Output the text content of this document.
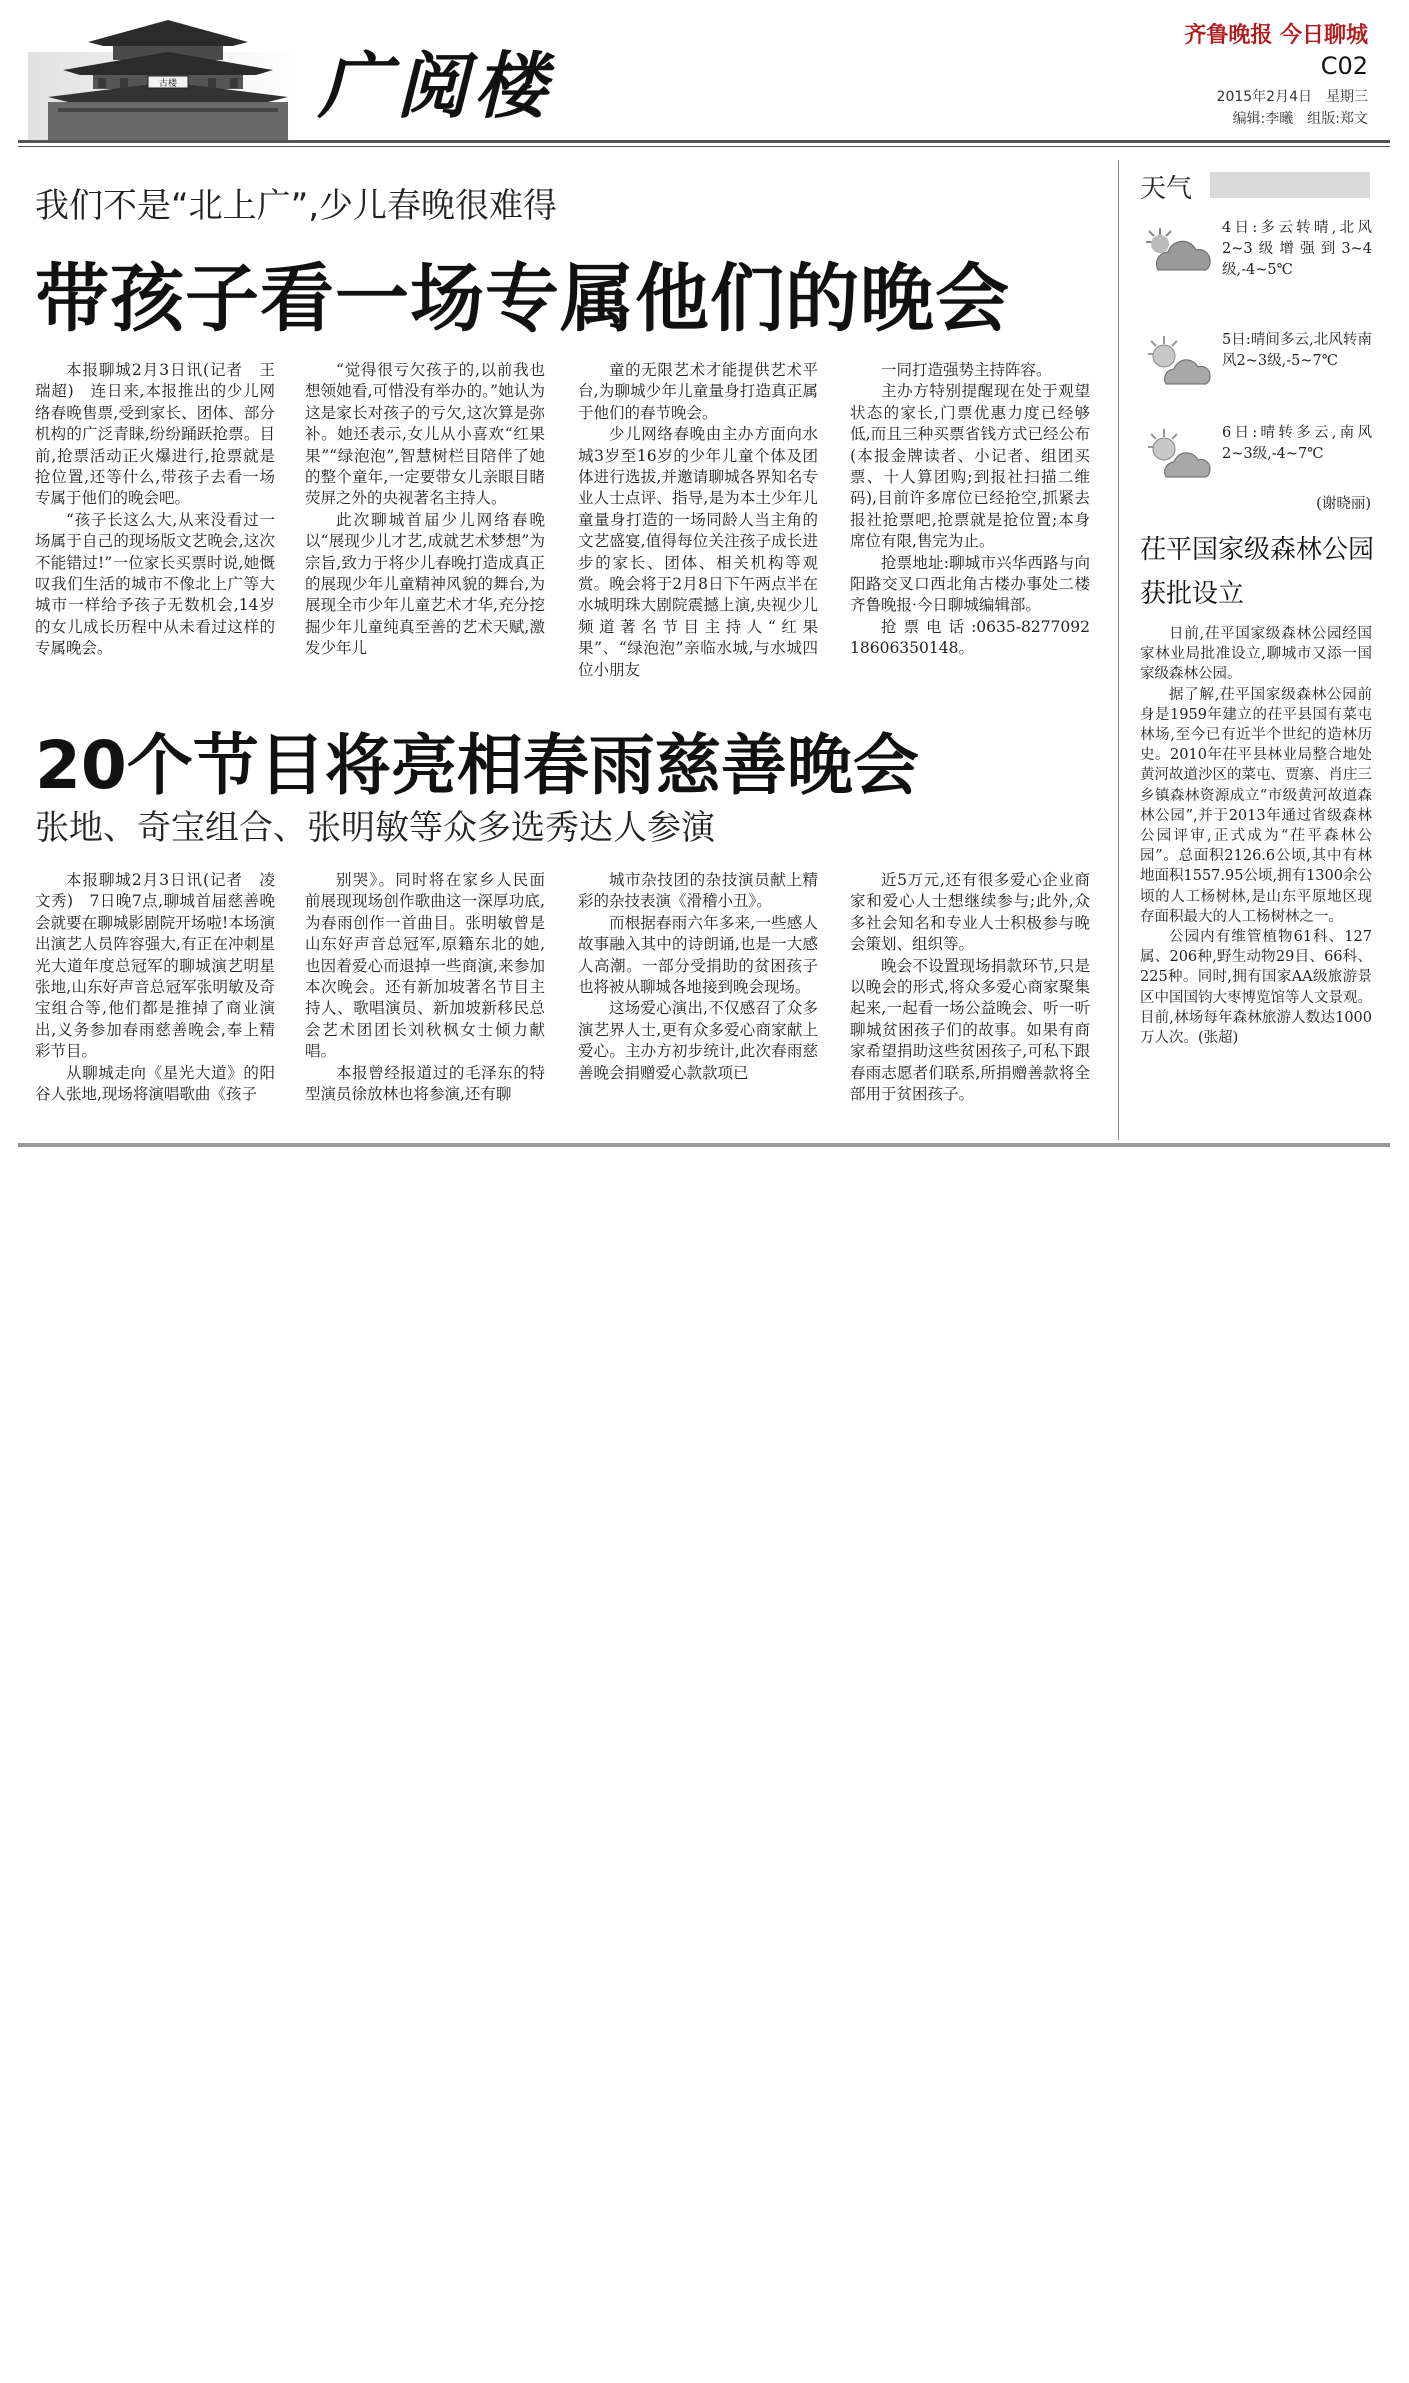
古楼 广阅楼
齐鲁晚报 今日聊城
C02
2015年2月4日　星期三
编辑:李曦　组版:郑文
我们不是“北上广”,少儿春晚很难得
带孩子看一场专属他们的晚会

本报聊城2月3日讯(记者　王瑞超)　连日来,本报推出的少儿网络春晚售票,受到家长、团体、部分机构的广泛青睐,纷纷踊跃抢票。目前,抢票活动正火爆进行,抢票就是抢位置,还等什么,带孩子去看一场专属于他们的晚会吧。

“孩子长这么大,从来没看过一场属于自己的现场版文艺晚会,这次不能错过!”一位家长买票时说,她慨叹我们生活的城市不像北上广等大城市一样给予孩子无数机会,14岁的女儿成长历程中从未看过这样的专属晚会。

“觉得很亏欠孩子的,以前我也想领她看,可惜没有举办的。”她认为这是家长对孩子的亏欠,这次算是弥补。她还表示,女儿从小喜欢“红果果”“绿泡泡”,智慧树栏目陪伴了她的整个童年,一定要带女儿亲眼目睹荧屏之外的央视著名主持人。

此次聊城首届少儿网络春晚以“展现少儿才艺,成就艺术梦想”为宗旨,致力于将少儿春晚打造成真正的展现少年儿童精神风貌的舞台,为展现全市少年儿童艺术才华,充分挖掘少年儿童纯真至善的艺术天赋,激发少年儿

童的无限艺术才能提供艺术平台,为聊城少年儿童量身打造真正属于他们的春节晚会。

少儿网络春晚由主办方面向水城3岁至16岁的少年儿童个体及团体进行选拔,并邀请聊城各界知名专业人士点评、指导,是为本土少年儿童量身打造的一场同龄人当主角的文艺盛宴,值得每位关注孩子成长进步的家长、团体、相关机构等观赏。晚会将于2月8日下午两点半在水城明珠大剧院震撼上演,央视少儿频道著名节目主持人“红果果”、“绿泡泡”亲临水城,与水城四位小朋友

一同打造强势主持阵容。

主办方特别提醒现在处于观望状态的家长,门票优惠力度已经够低,而且三种买票省钱方式已经公布(本报金牌读者、小记者、组团买票、十人算团购;到报社扫描二维码),目前许多席位已经抢空,抓紧去报社抢票吧,抢票就是抢位置;本身席位有限,售完为止。

抢票地址:聊城市兴华西路与向阳路交叉口西北角古楼办事处二楼齐鲁晚报·今日聊城编辑部。

抢票电话:0635-8277092　18606350148。

20个节目将亮相春雨慈善晚会
张地、奇宝组合、张明敏等众多选秀达人参演

本报聊城2月3日讯(记者　凌文秀)　7日晚7点,聊城首届慈善晚会就要在聊城影剧院开场啦!本场演出演艺人员阵容强大,有正在冲刺星光大道年度总冠军的聊城演艺明星张地,山东好声音总冠军张明敏及奇宝组合等,他们都是推掉了商业演出,义务参加春雨慈善晚会,奉上精彩节目。

从聊城走向《星光大道》的阳谷人张地,现场将演唱歌曲《孩子

别哭》。同时将在家乡人民面前展现现场创作歌曲这一深厚功底,为春雨创作一首曲目。张明敏曾是山东好声音总冠军,原籍东北的她,也因着爱心而退掉一些商演,来参加本次晚会。还有新加坡著名节目主持人、歌唱演员、新加坡新移民总会艺术团团长刘秋枫女士倾力献唱。

本报曾经报道过的毛泽东的特型演员徐放林也将参演,还有聊

城市杂技团的杂技演员献上精彩的杂技表演《滑稽小丑》。

而根据春雨六年多来,一些感人故事融入其中的诗朗诵,也是一大感人高潮。一部分受捐助的贫困孩子也将被从聊城各地接到晚会现场。

这场爱心演出,不仅感召了众多演艺界人士,更有众多爱心商家献上爱心。主办方初步统计,此次春雨慈善晚会捐赠爱心款款项已

近5万元,还有很多爱心企业商家和爱心人士想继续参与;此外,众多社会知名和专业人士积极参与晚会策划、组织等。

晚会不设置现场捐款环节,只是以晚会的形式,将众多爱心商家聚集起来,一起看一场公益晚会、听一听聊城贫困孩子们的故事。如果有商家希望捐助这些贫困孩子,可私下跟春雨志愿者们联系,所捐赠善款将全部用于贫困孩子。

天气
4日:多云转晴,北风2~3级增强到3~4级,-4~5℃
5日:晴间多云,北风转南风2~3级,-5~7℃
6日:晴转多云,南风2~3级,-4~7℃
(谢晓丽)
茌平国家级森林公园获批设立

日前,茌平国家级森林公园经国家林业局批准设立,聊城市又添一国家级森林公园。

据了解,茌平国家级森林公园前身是1959年建立的茌平县国有菜屯林场,至今已有近半个世纪的造林历史。2010年茌平县林业局整合地处黄河故道沙区的菜屯、贾寨、肖庄三乡镇森林资源成立“市级黄河故道森林公园”,并于2013年通过省级森林公园评审,正式成为“茌平森林公园”。总面积2126.6公顷,其中有林地面积1557.95公顷,拥有1300余公顷的人工杨树林,是山东平原地区现存面积最大的人工杨树林之一。

公园内有维管植物61科、127属、206种,野生动物29目、66科、225种。同时,拥有国家AA级旅游景区中国国钧大枣博览馆等人文景观。目前,林场每年森林旅游人数达1000万人次。(张超)
